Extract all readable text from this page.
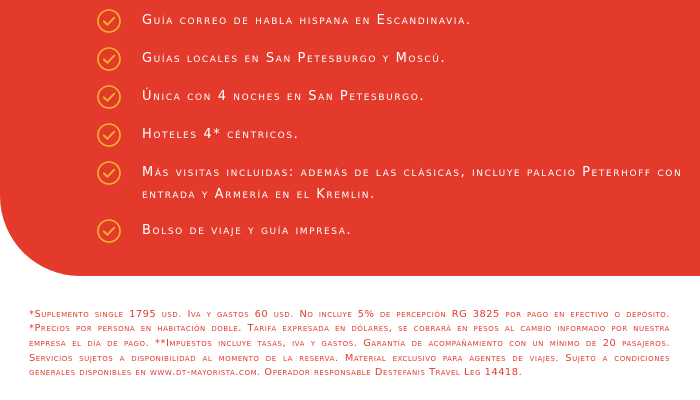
Guía correo de habla hispana en Escandinavia.
Guías locales en San Petesburgo y Moscú.
Única con 4 noches en San Petesburgo.
Hoteles 4* céntricos.
Más visitas incluidas: además de las clásicas, incluye palacio Peterhoff con entrada y Armería en el Kremlin.
Bolso de viaje y guía impresa.

*Suplemento single 1795 usd. Iva y gastos 60 usd. No incluye 5% de percepción RG 3825 por pago en efectivo o depósito. *Precios por persona en habitación doble. Tarifa expresada en dólares, se cobrará en pesos al cambio informado por nuestra empresa el día de pago. **Impuestos incluye tasas, iva y gastos. Garantía de acompañamiento con un mínimo de 20 pasajeros. Servicios sujetos a disponibilidad al momento de la reserva. Material exclusivo para agentes de viajes. Sujeto a condiciones generales disponibles en www.dt-mayorista.com. Operador responsable Destefanis Travel Leg 14418.
